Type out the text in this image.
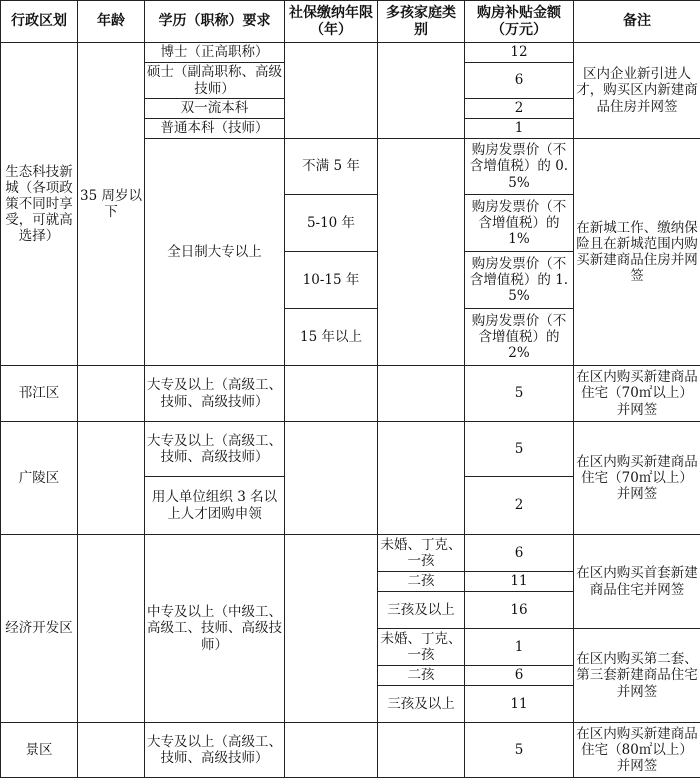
行政区划	年龄	学历（职称）要求	社保缴纳年限（年）	多孩家庭类别	购房补贴金额（万元）	备注
生态科技新城（各项政策不同时享受，可就高选择）	35 周岁以下	博士（正高职称）			12	区内企业新引进人才，购买区内新建商品住房并网签
		硕士（副高职称、高级技师）			6	
		双一流本科			2	
		普通本科（技师）			1	
		全日制大专以上	不满 5 年		购房发票价（不含增值税）的 0.5%	在新城工作、缴纳保险且在新城范围内购买新建商品住房并网签
			5-10 年		购房发票价（不含增值税）的 1%	
			10-15 年		购房发票价（不含增值税）的 1.5%	
			15 年以上		购房发票价（不含增值税）的 2%	
邗江区		大专及以上（高级工、技师、高级技师）			5	在区内购买新建商品住宅（70㎡以上）并网签
广陵区		大专及以上（高级工、技师、高级技师）			5	在区内购买新建商品住宅（70㎡以上）并网签
		用人单位组织 3 名以上人才团购申领			2	
经济开发区		中专及以上（中级工、高级工、技师、高级技师）		未婚、丁克、一孩	6	在区内购买首套新建商品住宅并网签
				二孩	11	
				三孩及以上	16	
				未婚、丁克、一孩	1	在区内购买第二套、第三套新建商品住宅并网签
				二孩	6	
				三孩及以上	11	
景区		大专及以上（高级工、技师、高级技师）			5	在区内购买新建商品住宅（80㎡以上）并网签
